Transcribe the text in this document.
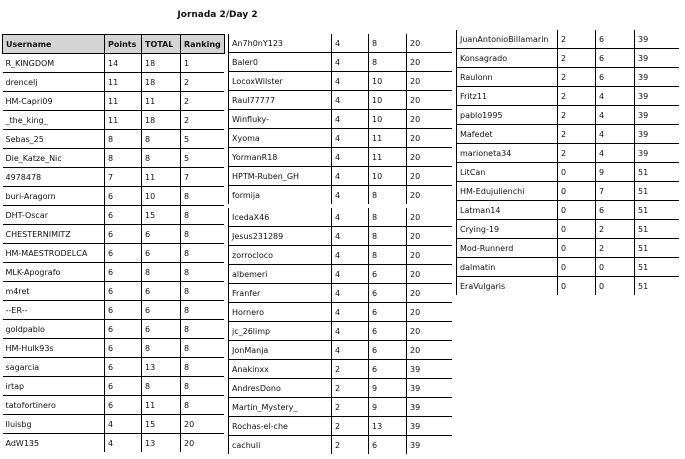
Jornada 2/Day 2
Username	Points	TOTAL	Ranking
R_KINGDOM	14	18	1
drencelj	11	18	2
HM-Capri09	11	11	2
_the_king_	11	18	2
Sebas_25	8	8	5
Die_Katze_Nic	8	8	5
4978478	7	11	7
buri-Aragorn	6	10	8
DHT-Oscar	6	15	8
CHESTERNIMITZ	6	6	8
HM-MAESTRODELCA	6	6	8
MLK-Apografo	6	8	8
m4ret	6	6	8
--ER--	6	6	8
goldpablo	6	6	8
HM-Hulk93s	6	8	8
sagarcia	6	13	8
irtap	6	8	8
tatofortinero	6	11	8
lluisbg	4	15	20
AdW135	4	13	20
An7h0nY123	4	8	20
Baler0	4	8	20
LocoxWilster	4	10	20
Raul77777	4	10	20
Winfluky-	4	10	20
Xyoma	4	11	20
YormanR18	4	11	20
HPTM-Ruben_GH	4	10	20
formija	4	8	20
IcedaX46	4	8	20
Jesus231289	4	8	20
zorrocloco	4	8	20
albemeri	4	6	20
Franfer	4	6	20
Hornero	4	6	20
jc_26limp	4	6	20
JonManja	4	6	20
Anakinxx	2	6	39
AndresDono	2	9	39
Martin_Mystery_	2	9	39
Rochas-el-che	2	13	39
cachuli	2	6	39
JuanAntonioBillamarin	2	6	39
Konsagrado	2	6	39
Raulonn	2	6	39
Fritz11	2	4	39
pablo1995	2	4	39
Mafedet	2	4	39
marioneta34	2	4	39
LitCan	0	9	51
HM-Edujulienchi	0	7	51
Latman14	0	6	51
Crying-19	0	2	51
Mod-Runnerd	0	2	51
dalmatin	0	0	51
EraVulgaris	0	0	51
